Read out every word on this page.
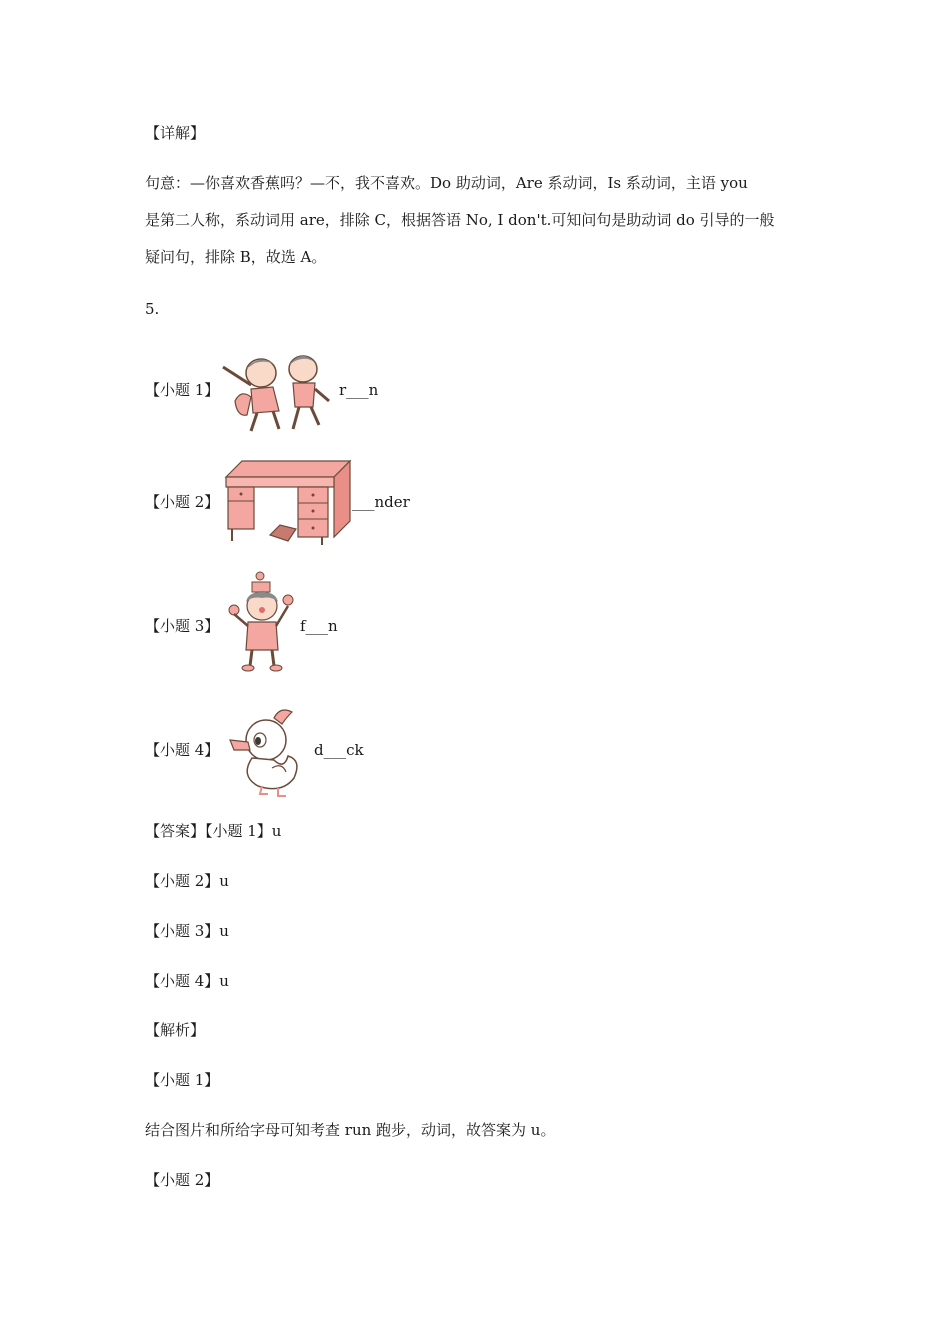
【详解】
句意：—你喜欢香蕉吗？—不，我不喜欢。Do 助动词，Are 系动词，Is 系动词，主语 you
是第二人称，系动词用 are，排除 C，根据答语 No, I don't.可知问句是助动词 do 引导的一般
疑问句，排除 B，故选 A。
5.
【小题 1】	r___n
【小题 2】	___nder
【小题 3】	f___n
【小题 4】	d___ck
【答案】【小题 1】u
【小题 2】u
【小题 3】u
【小题 4】u
【解析】
【小题 1】
结合图片和所给字母可知考查 run 跑步，动词，故答案为 u。
【小题 2】
